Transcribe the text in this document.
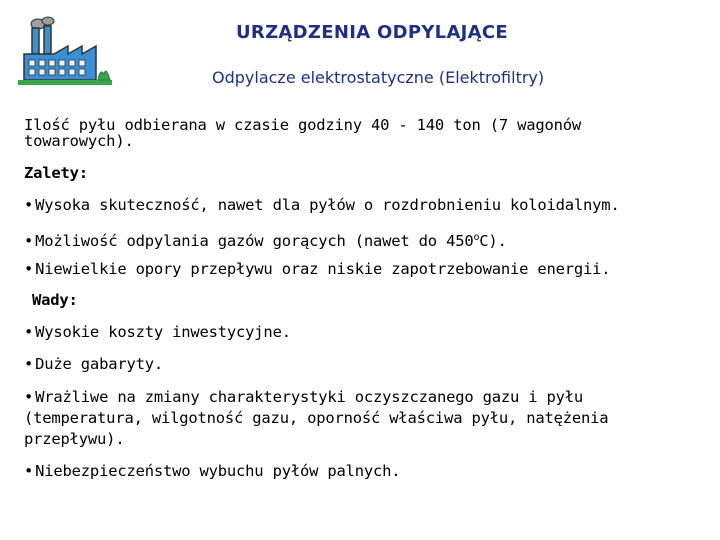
URZĄDZENIA ODPYLAJĄCE
Odpylacze elektrostatyczne (Elektrofiltry)
Ilość pyłu odbierana w czasie godziny 40 - 140 ton (7 wagonów
towarowych).
Zalety:
• Wysoka skuteczność, nawet dla pyłów o rozdrobnieniu koloidalnym.
• Możliwość odpylania gazów gorących (nawet do 450$^o$C).
• Niewielkie opory przepływu oraz niskie zapotrzebowanie energii.
Wady:
• Wysokie koszty inwestycyjne.
• Duże gabaryty.
• Wrażliwe na zmiany charakterystyki oczyszczanego gazu i pyłu
(temperatura, wilgotność gazu, oporność właściwa pyłu, natężenia
przepływu).
• Niebezpieczeństwo wybuchu pyłów palnych.
